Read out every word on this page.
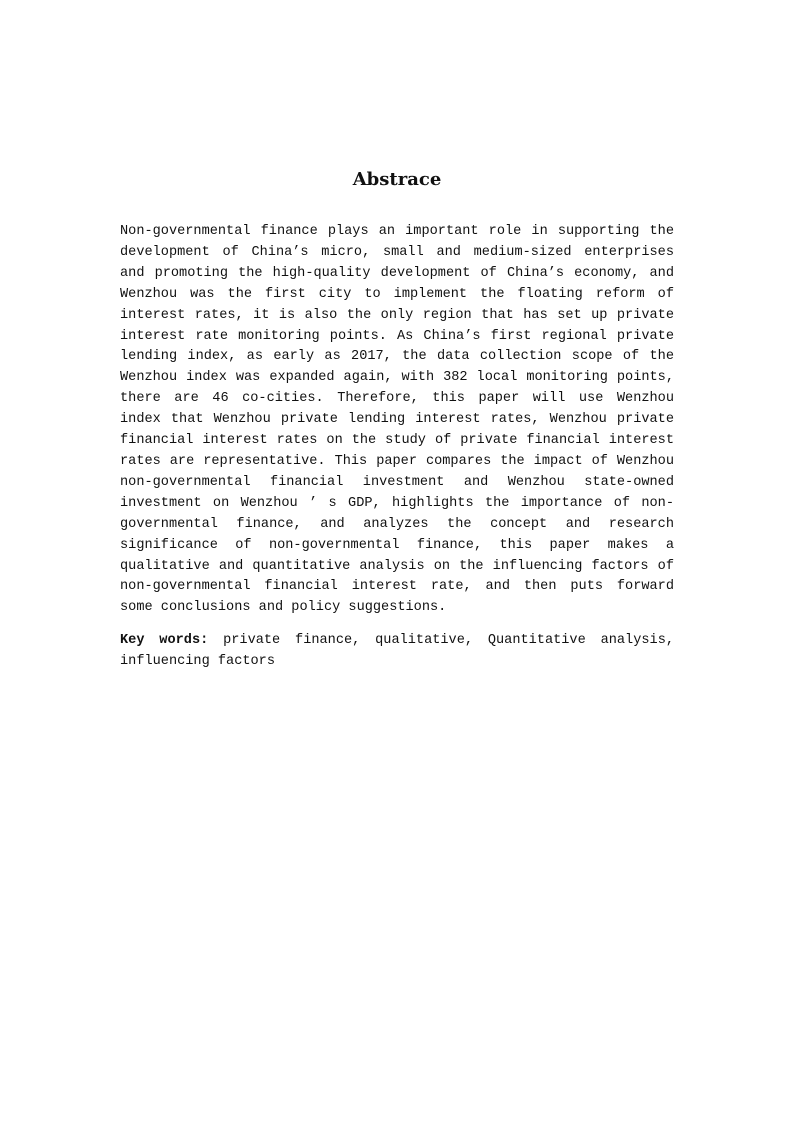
Abstrace

Non-governmental finance plays an important role in supporting the development of China’s micro, small and medium-sized enterprises and promoting the high-quality development of China’s economy, and Wenzhou was the first city to implement the floating reform of interest rates, it is also the only region that has set up private interest rate monitoring points. As China’s first regional private lending index, as early as 2017, the data collection scope of the Wenzhou index was expanded again, with 382 local monitoring points, there are 46 co-cities. Therefore, this paper will use Wenzhou index that Wenzhou private lending interest rates, Wenzhou private financial interest rates on the study of private financial interest rates are representative. This paper compares the impact of Wenzhou non-governmental financial investment and Wenzhou state-owned investment on Wenzhou ’ s GDP, highlights the importance of non-governmental finance, and analyzes the concept and research significance of non-governmental finance, this paper makes a qualitative and quantitative analysis on the influencing factors of non-governmental financial interest rate, and then puts forward some conclusions and policy suggestions.

Key words: private finance, qualitative, Quantitative analysis, influencing factors
